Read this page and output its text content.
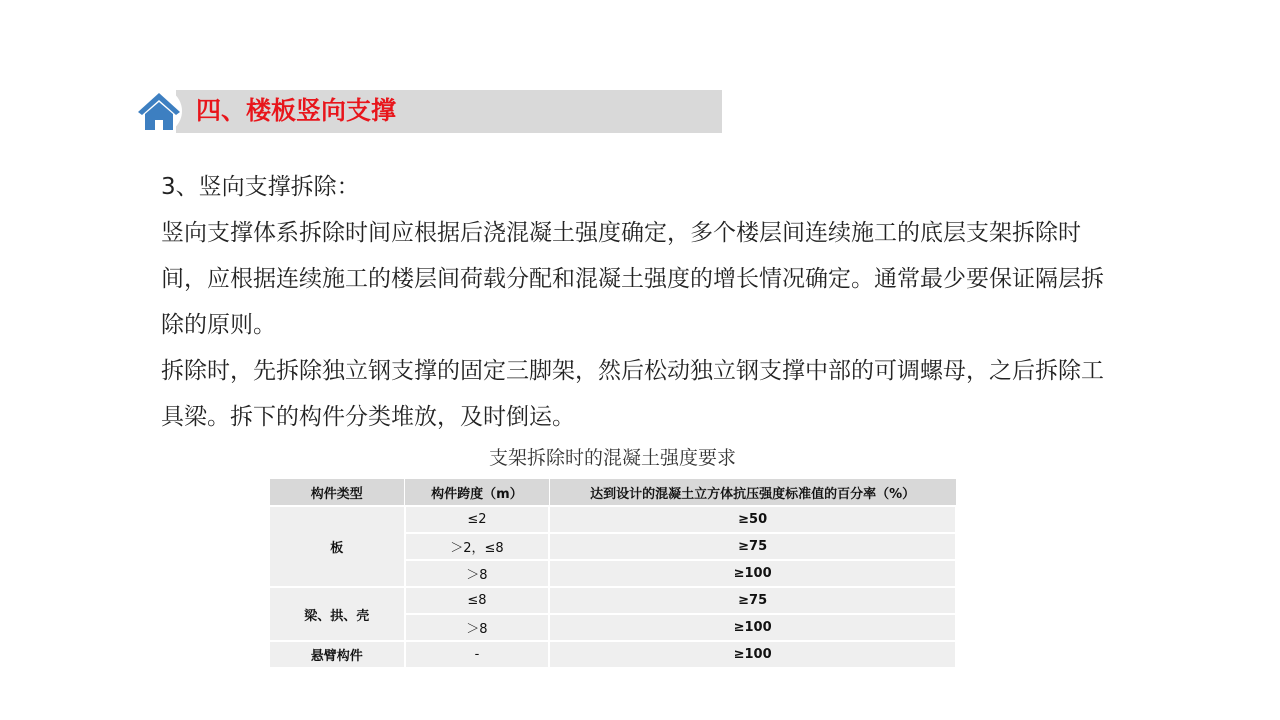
四、楼板竖向支撑

3、竖向支撑拆除：

竖向支撑体系拆除时间应根据后浇混凝土强度确定，多个楼层间连续施工的底层支架拆除时间，应根据连续施工的楼层间荷载分配和混凝土强度的增长情况确定。通常最少要保证隔层拆除的原则。

拆除时，先拆除独立钢支撑的固定三脚架，然后松动独立钢支撑中部的可调螺母，之后拆除工具梁。拆下的构件分类堆放，及时倒运。

支架拆除时的混凝土强度要求
构件类型	构件跨度（m）	达到设计的混凝土立方体抗压强度标准值的百分率（%）
板	≤2	≥50
	＞2，≤8	≥75
	＞8	≥100
梁、拱、壳	≤8	≥75
	＞8	≥100
悬臂构件	-	≥100
